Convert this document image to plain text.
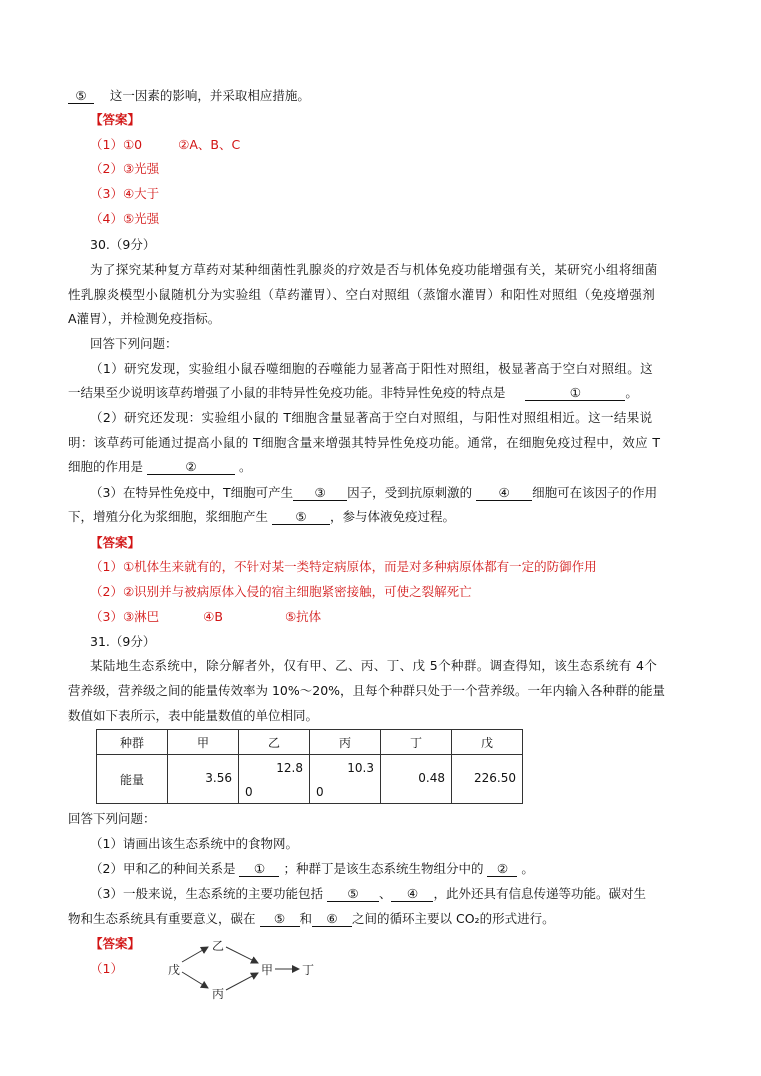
⑤ 这一因素的影响，并采取相应措施。
【答案】
（1）①0	②A、B、C
（2）③光强
（3）④大于
（4）⑤光强
30.（9分）
为了探究某种复方草药对某种细菌性乳腺炎的疗效是否与机体免疫功能增强有关，某研究小组将细菌
性乳腺炎模型小鼠随机分为实验组（草药灌胃）、空白对照组（蒸馏水灌胃）和阳性对照组（免疫增强剂
A灌胃），并检测免疫指标。
回答下列问题：
（1）研究发现，实验组小鼠吞噬细胞的吞噬能力显著高于阳性对照组，极显著高于空白对照组。这
一结果至少说明该草药增强了小鼠的非特异性免疫功能。非特异性免疫的特点是	①	。
（2）研究还发现：实验组小鼠的 T细胞含量显著高于空白对照组，与阳性对照组相近。这一结果说
明：该草药可能通过提高小鼠的 T细胞含量来增强其特异性免疫功能。通常，在细胞免疫过程中，效应 T
细胞的作用是	②	。
（3）在特异性免疫中，T细胞可产生 ③ 因子，受到抗原刺激的 ④ 细胞可在该因子的作用
下，增殖分化为浆细胞，浆细胞产生 ⑤ ，参与体液免疫过程。
【答案】
（1）①机体生来就有的，不针对某一类特定病原体，而是对多种病原体都有一定的防御作用
（2）②识别并与被病原体入侵的宿主细胞紧密接触，可使之裂解死亡
（3）③淋巴	④B	⑤抗体
31.（9分）
某陆地生态系统中，除分解者外，仅有甲、乙、丙、丁、戊 5个种群。调查得知，该生态系统有 4个
营养级，营养级之间的能量传效率为 10%～20%，且每个种群只处于一个营养级。一年内输入各种群的能量
数值如下表所示，表中能量数值的单位相同。
种群	甲	乙	丙	丁	戊
能量	3.56	12.8
0	10.3
0	0.48	226.50
回答下列问题：
（1）请画出该生态系统中的食物网。
（2）甲和乙的种间关系是 ① ；种群丁是该生态系统生物组分中的 ② 。
（3）一般来说，生态系统的主要功能包括 ⑤ 、 ④ ，此外还具有信息传递等功能。碳对生
物和生态系统具有重要意义，碳在 ⑤ 和 ⑥ 之间的循环主要以 CO₂的形式进行。
【答案】
（1）	戊
乙
丙
甲 丁
